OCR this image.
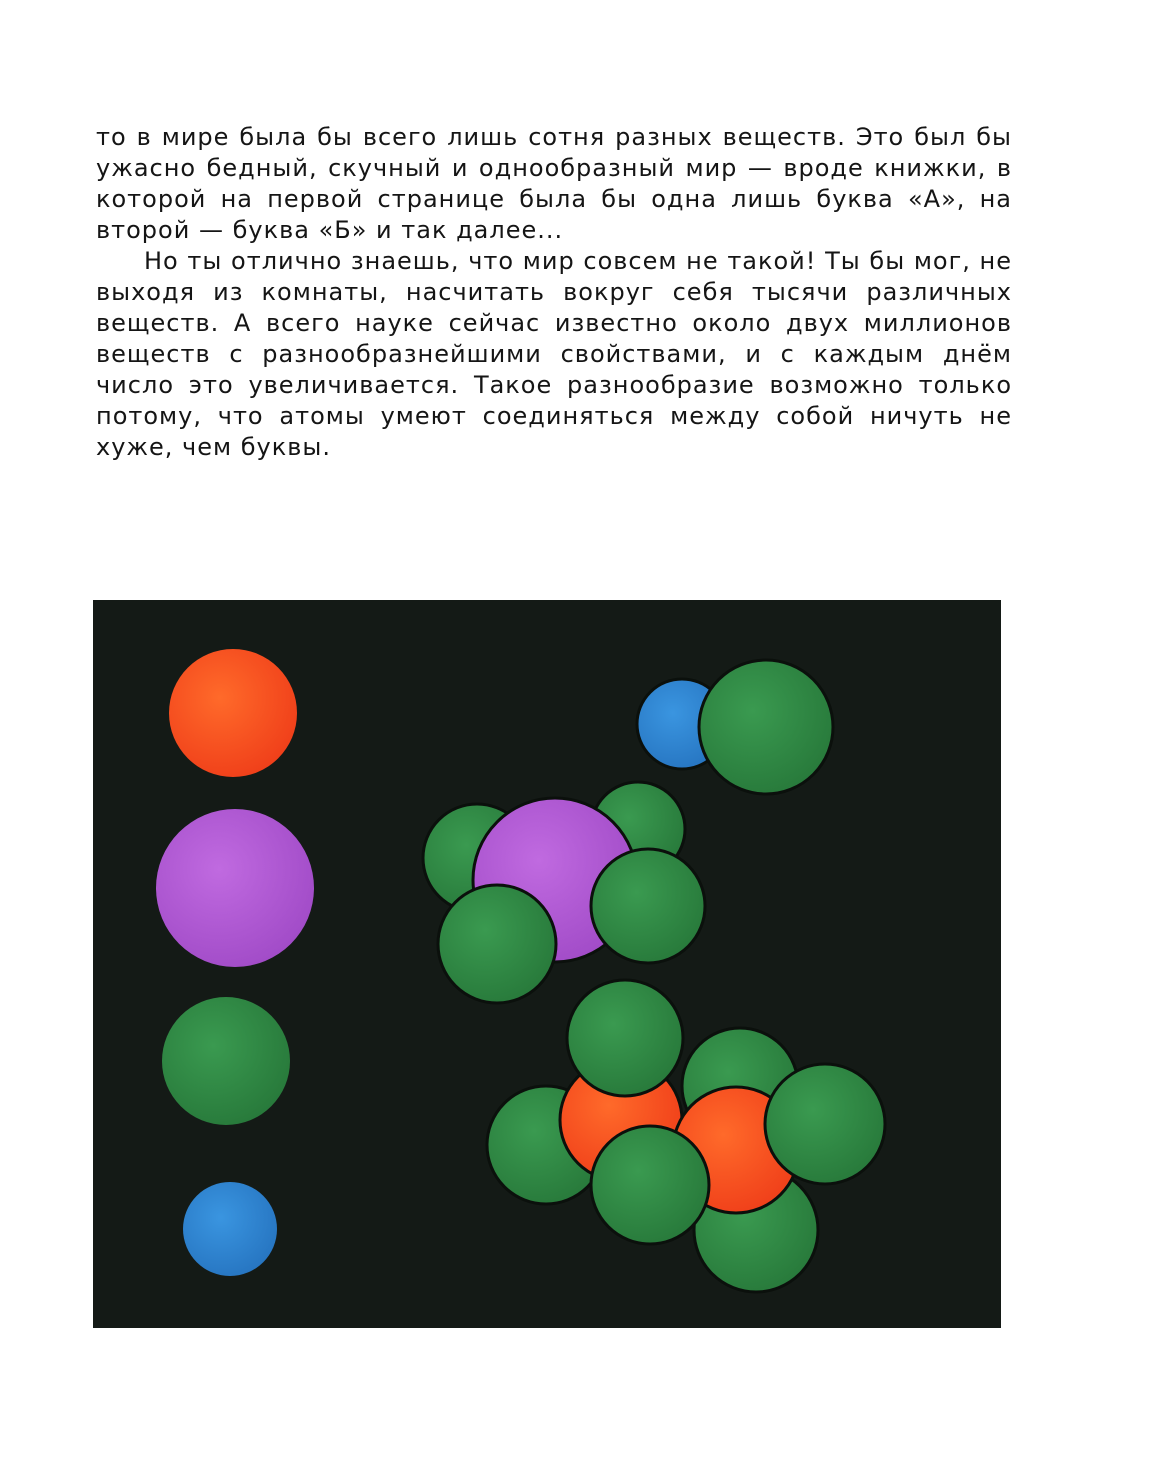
то в мире была бы всего лишь сотня разных веществ. Это был бы ужасно бедный, скучный и однообразный мир — вроде книжки, в которой на первой странице была бы одна лишь буква «А», на второй — буква «Б» и так далее...

Но ты отлично знаешь, что мир совсем не такой! Ты бы мог, не выходя из комнаты, насчитать вокруг себя тысячи различных веществ. А всего науке сейчас известно около двух миллионов веществ с разнообразнейшими свойствами, и с каждым днём число это увеличивается. Такое разнообразие возможно только потому, что атомы умеют соединяться между собой ничуть не хуже, чем буквы.
